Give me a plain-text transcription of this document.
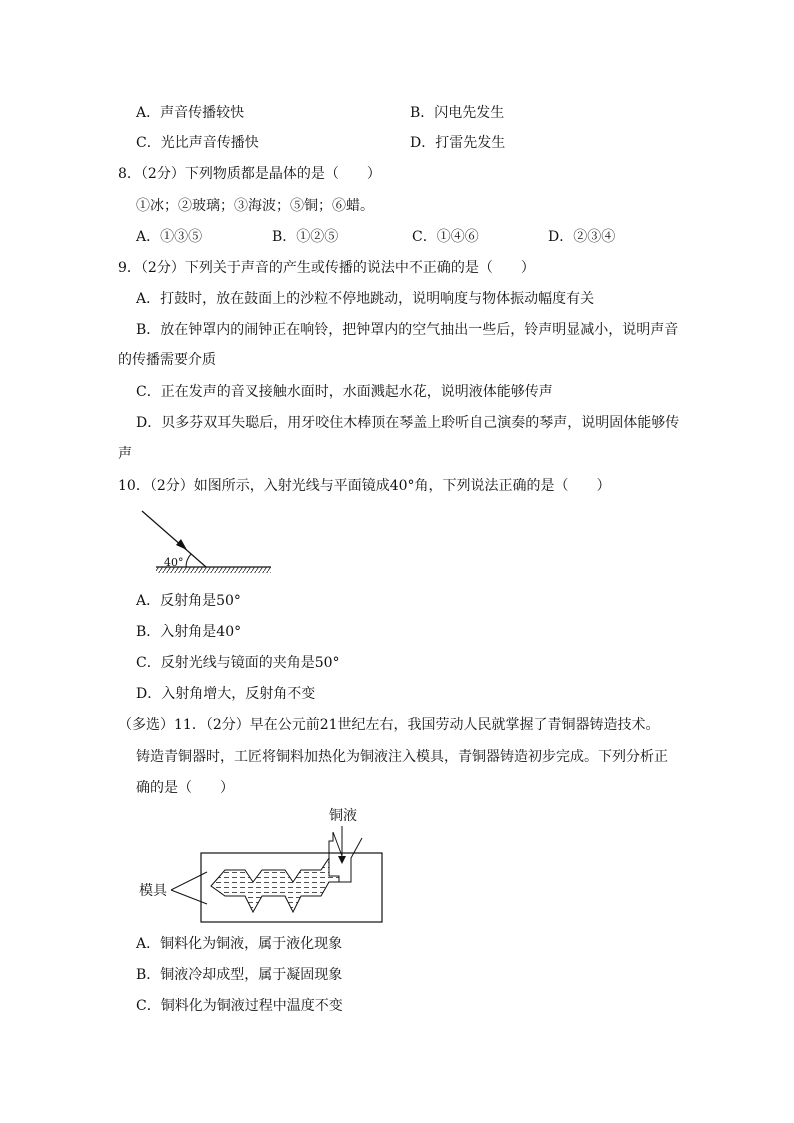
A．声音传播较快	B．闪电先发生
C．光比声音传播快	D．打雷先发生
8．（2分）下列物质都是晶体的是（　　）
①冰；②玻璃；③海波；⑤铜；⑥蜡。
A．①③⑤	B．①②⑤	C．①④⑥	D．②③④
9．（2分）下列关于声音的产生或传播的说法中不正确的是（　　）
A．打鼓时，放在鼓面上的沙粒不停地跳动，说明响度与物体振动幅度有关
B．放在钟罩内的闹钟正在响铃，把钟罩内的空气抽出一些后，铃声明显减小，说明声音
的传播需要介质
C．正在发声的音叉接触水面时，水面溅起水花，说明液体能够传声
D．贝多芬双耳失聪后，用牙咬住木棒顶在琴盖上聆听自己演奏的琴声，说明固体能够传
声
10．（2分）如图所示，入射光线与平面镜成40°角，下列说法正确的是（　　）
40°
A．反射角是50°
B．入射角是40°
C．反射光线与镜面的夹角是50°
D．入射角增大，反射角不变
（多选）11．（2分）早在公元前21世纪左右，我国劳动人民就掌握了青铜器铸造技术。
铸造青铜器时，工匠将铜料加热化为铜液注入模具，青铜器铸造初步完成。下列分析正
确的是（　　）
铜液
模具
A．铜料化为铜液，属于液化现象
B．铜液冷却成型，属于凝固现象
C．铜料化为铜液过程中温度不变
